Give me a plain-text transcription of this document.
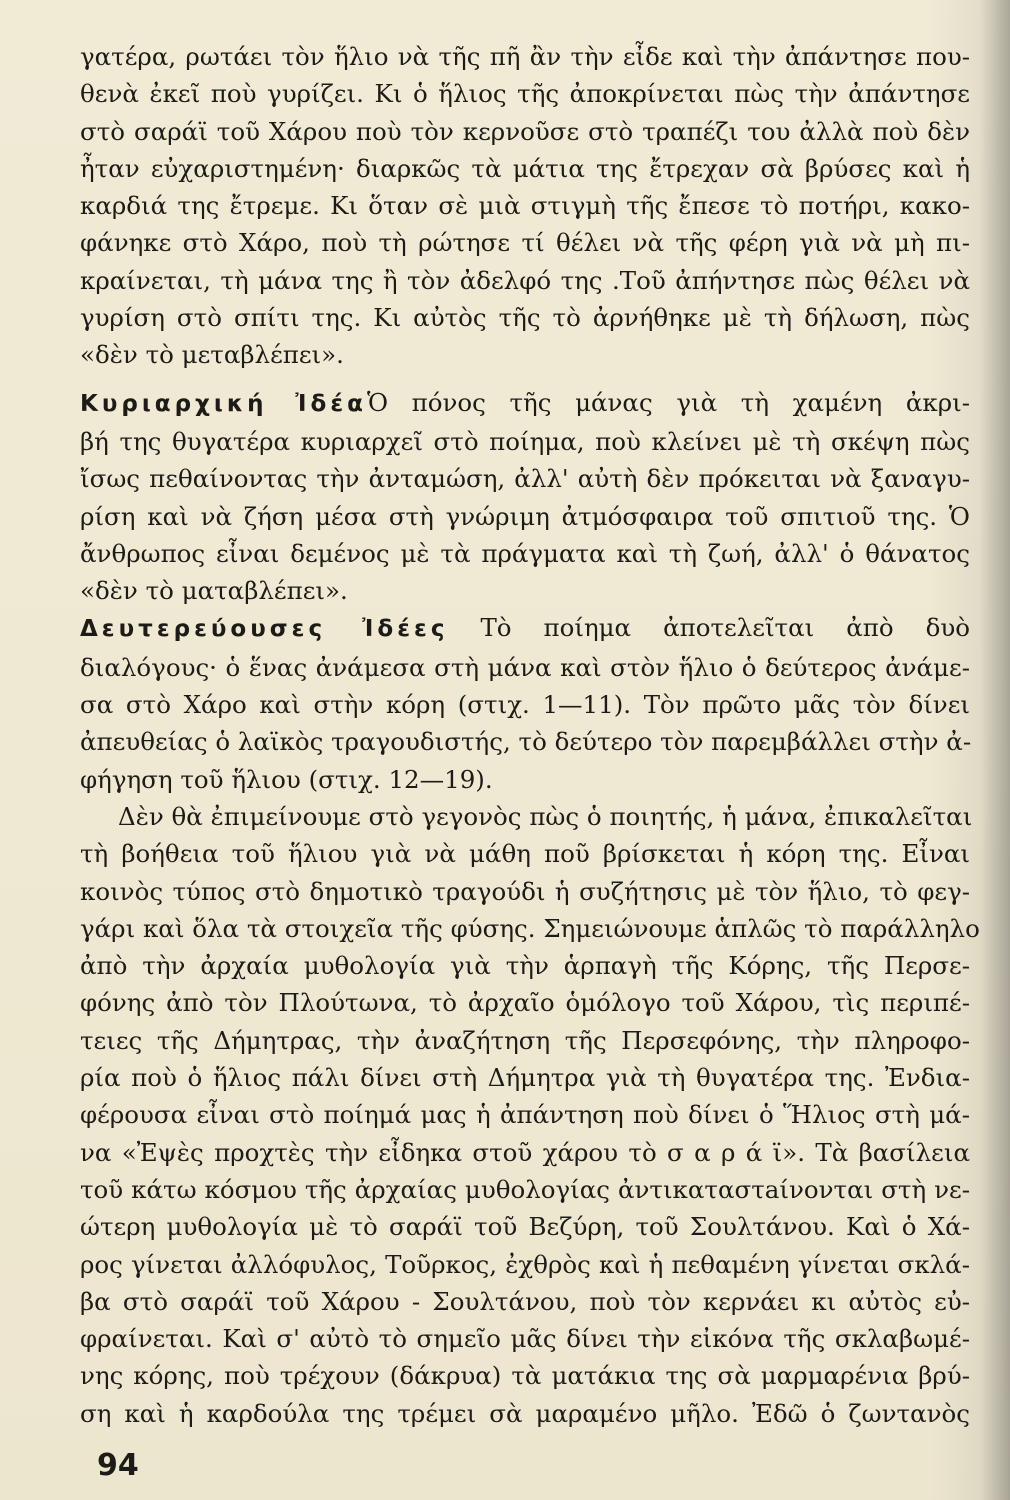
γατέρα, ρωτάει τὸν ἥλιο νὰ τῆς πῆ ἂν τὴν εἶδε καὶ τὴν ἀπάντησε που-
θενὰ ἐκεῖ ποὺ γυρίζει. Κι ὁ ἥλιος τῆς ἀποκρίνεται πὼς τὴν ἀπάντησε
στὸ σαράϊ τοῦ Χάρου ποὺ τὸν κερνοῦσε στὸ τραπέζι του ἀλλὰ ποὺ δὲν
ἦταν εὐχαριστημένη· διαρκῶς τὰ μάτια της ἔτρεχαν σὰ βρύσες καὶ ἡ
καρδιά της ἔτρεμε. Κι ὅταν σὲ μιὰ στιγμὴ τῆς ἔπεσε τὸ ποτήρι, κακο-
φάνηκε στὸ Χάρο, ποὺ τὴ ρώτησε τί θέλει νὰ τῆς φέρη γιὰ νὰ μὴ πι-
κραίνεται, τὴ μάνα της ἢ τὸν ἀδελφό της .Τοῦ ἀπήντησε πὼς θέλει νὰ
γυρίση στὸ σπίτι της. Κι αὐτὸς τῆς τὸ ἀρνήθηκε μὲ τὴ δήλωση, πὼς
«δὲν τὸ μεταβλέπει».
Κυριαρχική ἸδέαὉ πόνος τῆς μάνας γιὰ τὴ χαμένη ἀκρι-
βή της θυγατέρα κυριαρχεῖ στὸ ποίημα, ποὺ κλείνει μὲ τὴ σκέψη πὼς
ἴσως πεθαίνοντας τὴν ἀνταμώση, ἀλλ' αὐτὴ δὲν πρόκειται νὰ ξαναγυ-
ρίση καὶ νὰ ζήση μέσα στὴ γνώριμη ἀτμόσφαιρα τοῦ σπιτιοῦ της. Ὁ
ἄνθρωπος εἶναι δεμένος μὲ τὰ πράγματα καὶ τὴ ζωή, ἀλλ' ὁ θάνατος
«δὲν τὸ ματαβλέπει».
Δευτερεύουσες Ἰδέες Τὸ ποίημα ἀποτελεῖται ἀπὸ δυὸ
διαλόγους· ὁ ἕνας ἀνάμεσα στὴ μάνα καὶ στὸν ἥλιο ὁ δεύτερος ἀνάμε-
σα στὸ Χάρο καὶ στὴν κόρη (στιχ. 1—11). Τὸν πρῶτο μᾶς τὸν δίνει
ἀπευθείας ὁ λαϊκὸς τραγουδιστής, τὸ δεύτερο τὸν παρεμβάλλει στὴν ἀ-
φήγηση τοῦ ἥλιου (στιχ. 12—19).
Δὲν θὰ ἐπιμείνουμε στὸ γεγονὸς πὼς ὁ ποιητής, ἡ μάνα, ἐπικαλεῖται
τὴ βοήθεια τοῦ ἥλιου γιὰ νὰ μάθη ποῦ βρίσκεται ἡ κόρη της. Εἶναι
κοινὸς τύπος στὸ δημοτικὸ τραγούδι ἡ συζήτησις μὲ τὸν ἥλιο, τὸ φεγ-
γάρι καὶ ὅλα τὰ στοιχεῖα τῆς φύσης. Σημειώνουμε ἁπλῶς τὸ παράλληλο
ἀπὸ τὴν ἀρχαία μυθολογία γιὰ τὴν ἁρπαγὴ τῆς Κόρης, τῆς Περσε-
φόνης ἀπὸ τὸν Πλούτωνα, τὸ ἀρχαῖο ὁμόλογο τοῦ Χάρου, τὶς περιπέ-
τειες τῆς Δήμητρας, τὴν ἀναζήτηση τῆς Περσεφόνης, τὴν πληροφο-
ρία ποὺ ὁ ἥλιος πάλι δίνει στὴ Δήμητρα γιὰ τὴ θυγατέρα της. Ἐνδια-
φέρουσα εἶναι στὸ ποίημά μας ἡ ἀπάντηση ποὺ δίνει ὁ Ἥλιος στὴ μά-
να «Ἐψὲς προχτὲς τὴν εἶδηκα στοῦ χάρου τὸ σ α ρ ά ϊ». Τὰ βασίλεια
τοῦ κάτω κόσμου τῆς ἀρχαίας μυθολογίας ἀντικαταστaίνονται στὴ νε-
ώτερη μυθολογία μὲ τὸ σαράϊ τοῦ Βεζύρη, τοῦ Σουλτάνου. Καὶ ὁ Χά-
ρος γίνεται ἀλλόφυλος, Τοῦρκος, ἐχθρὸς καὶ ἡ πεθαμένη γίνεται σκλά-
βα στὸ σαράϊ τοῦ Χάρου - Σουλτάνου, ποὺ τὸν κερνάει κι αὐτὸς εὐ-
φραίνεται. Καὶ σ' αὐτὸ τὸ σημεῖο μᾶς δίνει τὴν εἰκόνα τῆς σκλαβωμέ-
νης κόρης, ποὺ τρέχουν (δάκρυα) τὰ ματάκια της σὰ μαρμαρένια βρύ-
ση καὶ ἡ καρδούλα της τρέμει σὰ μαραμένο μῆλο. Ἐδῶ ὁ ζωντανὸς
94
